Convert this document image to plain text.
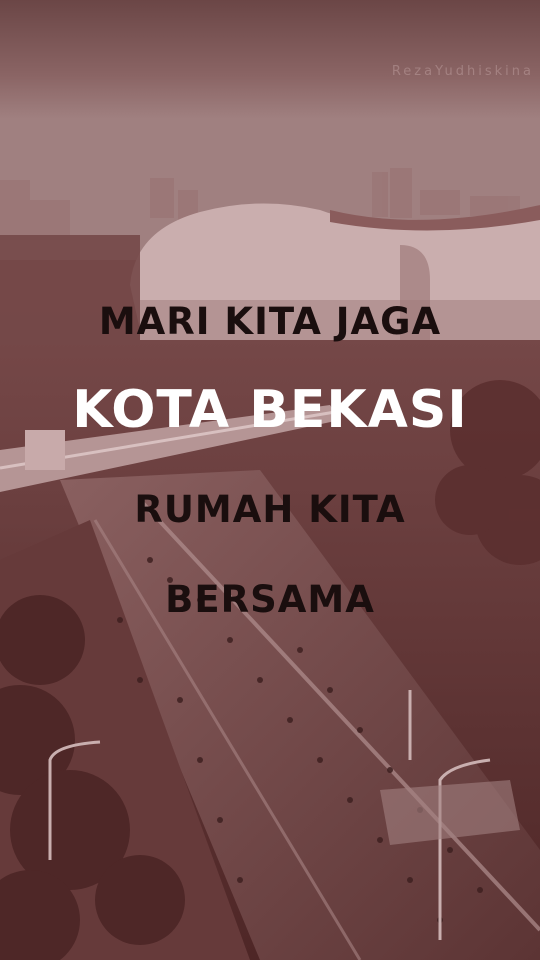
RezaYudhiskina
MARI KITA JAGA
KOTA BEKASI
RUMAH KITA
BERSAMA
